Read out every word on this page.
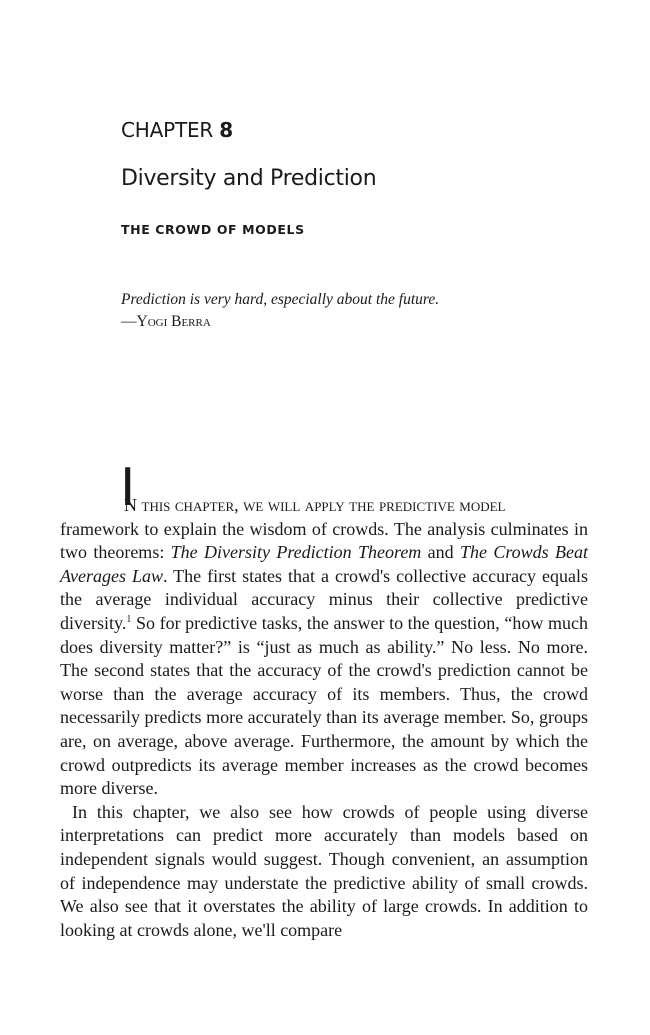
CHAPTER 8
Diversity and Prediction
THE CROWD OF MODELS
Prediction is very hard, especially about the future.
—Yogi Berra

I
N this chapter, we will apply the predictive model
framework to explain the wisdom of crowds. The analysis culminates in two theorems: The Diversity Prediction Theorem and The Crowds Beat Averages Law. The first states that a crowd's collective accuracy equals the average individual accuracy minus their collective predictive diversity.$^1$ So for predictive tasks, the answer to the question, “how much does diversity matter?” is “just as much as ability.” No less. No more. The second states that the accuracy of the crowd's prediction cannot be worse than the average accuracy of its members. Thus, the crowd necessarily predicts more accurately than its average member. So, groups are, on average, above average. Furthermore, the amount by which the crowd outpredicts its average member increases as the crowd becomes more diverse.

In this chapter, we also see how crowds of people using diverse interpretations can predict more accurately than models based on independent signals would suggest. Though convenient, an assumption of independence may understate the predictive ability of small crowds. We also see that it overstates the ability of large crowds. In addition to looking at crowds alone, we'll compare
